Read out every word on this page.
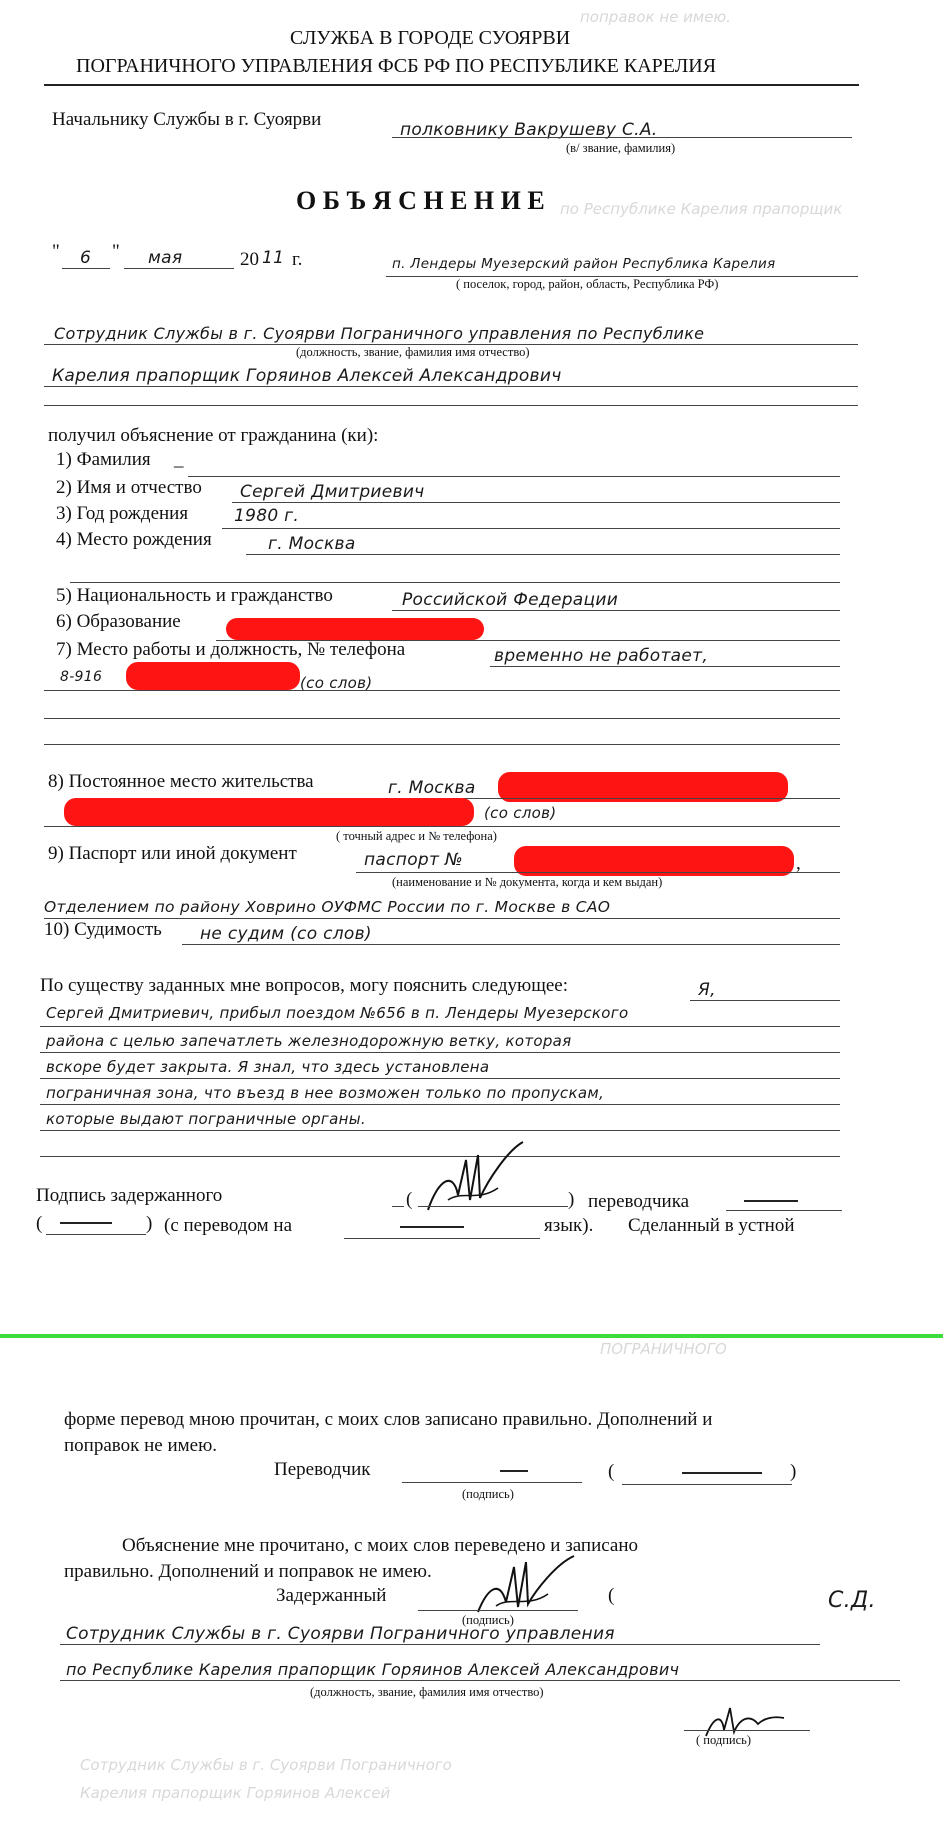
СЛУЖБА В ГОРОДЕ СУОЯРВИ
ПОГРАНИЧНОГО УПРАВЛЕНИЯ ФСБ РФ ПО РЕСПУБЛИКЕ КАРЕЛИЯ
Начальнику Службы в г. Суоярви	полковнику Вакрушеву С.А.
(в/ звание, фамилия)
О Б Ъ Я С Н Е Н И Е
" 6 " мая	20 11 г.	п. Лендеры Муезерский район Республика Карелия
( поселок, город, район, область, Республика РФ)
Сотрудник Службы в г. Суоярви Пограничного управления по Республике
(должность, звание, фамилия имя отчество)
Карелия прапорщик Горяинов Алексей Александрович
получил объяснение от гражданина (ки):
1) Фамилия _
2) Имя и отчество Сергей Дмитриевич
3) Год рождения	1980 г.
4) Место рождения	г. Москва
5) Национальность и гражданство	Российской Федерации
6) Образование
7) Место работы и должность, № телефона	временно не работает,
8-916	(со слов)
8) Постоянное место жительства	г. Москва
(со слов)
( точный адрес и № телефона)
9) Паспорт или иной документ	паспорт №	,
(наименование и № документа, когда и кем выдан)
Отделением по району Ховрино ОУФМС России по г. Москве в САО
10) Судимость не судим (со слов)
По существу заданных мне вопросов, могу пояснить следующее:	Я,
Сергей Дмитриевич, прибыл поездом №656 в п. Лендеры Муезерского
района с целью запечатлеть железнодорожную ветку, которая
вскоре будет закрыта. Я знал, что здесь установлена
пограничная зона, что въезд в нее возможен только по пропускам,
которые выдают пограничные органы.
Подпись задержанного	(	) переводчика
(	) (с переводом на	язык). Сделанный в устной
поправок не имею.
по Республике Карелия прапорщик
ПОГРАНИЧНОГО
форме перевод мною прочитан, с моих слов записано правильно. Дополнений и
поправок не имею.
Переводчик
(подпись)
(	)
Объяснение мне прочитано, с моих слов переведено и записано
правильно. Дополнений и поправок не имею.
Задержанный
(подпись)
(	С.Д.
Сотрудник Службы в г. Суоярви Пограничного управления
по Республике Карелия прапорщик Горяинов Алексей Александрович
(должность, звание, фамилия имя отчество)
( подпись)
Сотрудник Службы в г. Суоярви Пограничного
Карелия прапорщик Горяинов Алексей
